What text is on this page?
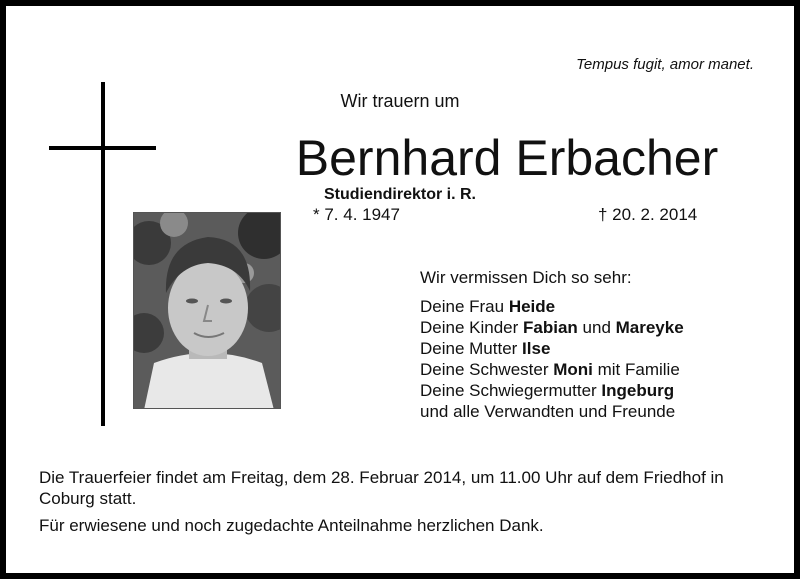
Tempus fugit, amor manet.
Wir trauern um
Bernhard Erbacher
Studiendirektor i. R.
* 7. 4. 1947	† 20. 2. 2014
Wir vermissen Dich so sehr:
Deine Frau Heide
Deine Kinder Fabian und Mareyke
Deine Mutter Ilse
Deine Schwester Moni mit Familie
Deine Schwiegermutter Ingeburg
und alle Verwandten und Freunde

Die Trauerfeier findet am Freitag, dem 28. Februar 2014, um 11.00 Uhr auf dem Friedhof in Coburg statt.

Für erwiesene und noch zugedachte Anteilnahme herzlichen Dank.
